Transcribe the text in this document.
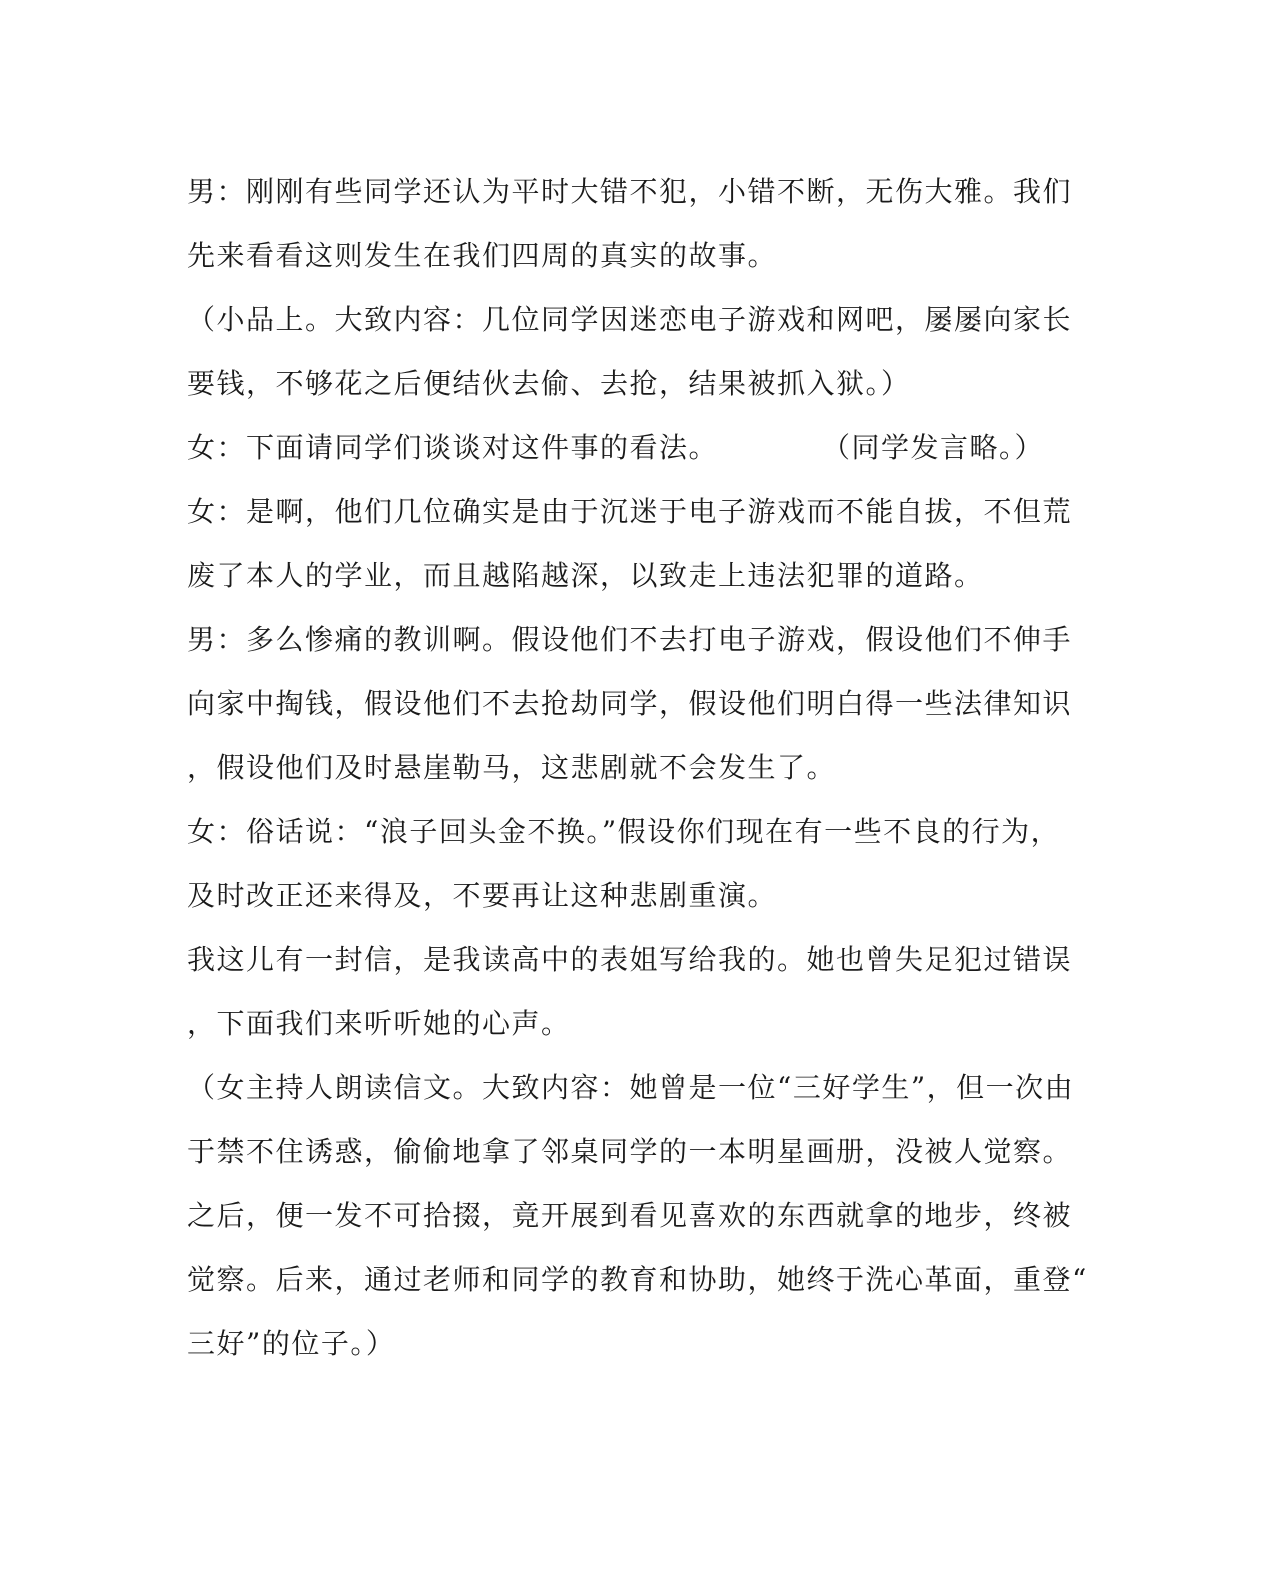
男：刚刚有些同学还认为平时大错不犯，小错不断，无伤大雅。我们
先来看看这则发生在我们四周的真实的故事。
（小品上。大致内容：几位同学因迷恋电子游戏和网吧，屡屡向家长
要钱，不够花之后便结伙去偷、去抢，结果被抓入狱。）
女：下面请同学们谈谈对这件事的看法。          （同学发言略。）
女：是啊，他们几位确实是由于沉迷于电子游戏而不能自拔，不但荒
废了本人的学业，而且越陷越深，以致走上违法犯罪的道路。
男：多么惨痛的教训啊。假设他们不去打电子游戏，假设他们不伸手
向家中掏钱，假设他们不去抢劫同学，假设他们明白得一些法律知识
，假设他们及时悬崖勒马，这悲剧就不会发生了。
女：俗话说：“浪子回头金不换。”假设你们现在有一些不良的行为，
及时改正还来得及，不要再让这种悲剧重演。
我这儿有一封信，是我读高中的表姐写给我的。她也曾失足犯过错误
，下面我们来听听她的心声。
（女主持人朗读信文。大致内容：她曾是一位“三好学生”，但一次由
于禁不住诱惑，偷偷地拿了邻桌同学的一本明星画册，没被人觉察。
之后，便一发不可拾掇，竟开展到看见喜欢的东西就拿的地步，终被
觉察。后来，通过老师和同学的教育和协助，她终于洗心革面，重登“
三好”的位子。）
